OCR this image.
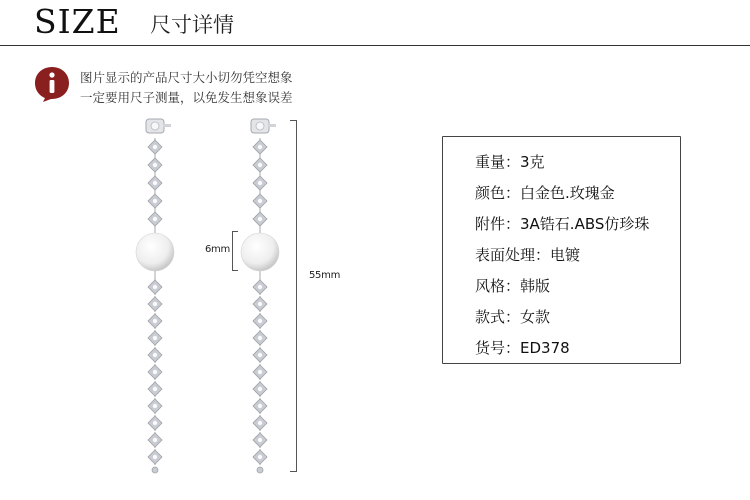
SIZE 尺寸详情
图片显示的产品尺寸大小切勿凭空想象
一定要用尺子测量，以免发生想象误差
6mm
55mm
重量：3克
颜色：白金色.玫瑰金
附件：3A锆石.ABS仿珍珠
表面处理：电镀
风格：韩版
款式：女款
货号：ED378
